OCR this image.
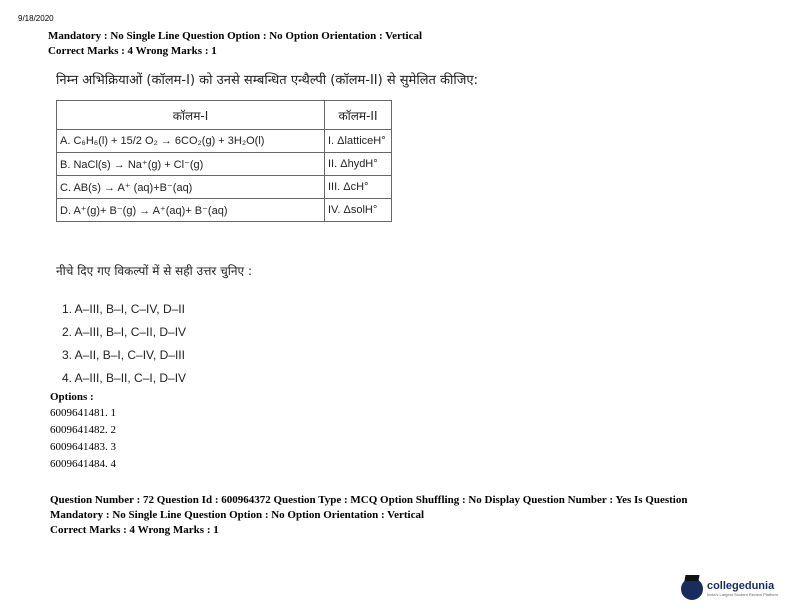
9/18/2020
Mandatory : No Single Line Question Option : No Option Orientation : Vertical
Correct Marks : 4 Wrong Marks : 1
निम्न अभिक्रियाओं (कॉलम-I) को उनसे सम्बन्धित एन्थैल्पी (कॉलम-II) से सुमेलित कीजिए:
कॉलम-I	कॉलम-II
A. C₆H₆(l) + 15/2 O₂ → 6CO₂(g) + 3H₂O(l)	I. ΔlatticeH°
B. NaCl(s) → Na⁺(g) + Cl⁻(g)	II. ΔhydH°
C. AB(s) → A⁺ (aq)+B⁻(aq)	III. ΔcH°
D. A⁺(g)+ B⁻(g) → A⁺(aq)+ B⁻(aq)	IV. ΔsolH°
नीचे दिए गए विकल्पों में से सही उत्तर चुनिए :
1. A–III, B–I, C–IV, D–II
2. A–III, B–I, C–II, D–IV
3. A–II, B–I, C–IV, D–III
4. A–III, B–II, C–I, D–IV
Options :
6009641481. 1
6009641482. 2
6009641483. 3
6009641484. 4
Question Number : 72 Question Id : 600964372 Question Type : MCQ Option Shuffling : No Display Question Number : Yes Is Question
Mandatory : No Single Line Question Option : No Option Orientation : Vertical
Correct Marks : 4 Wrong Marks : 1
collegedunia
India's Largest Student Review Platform
